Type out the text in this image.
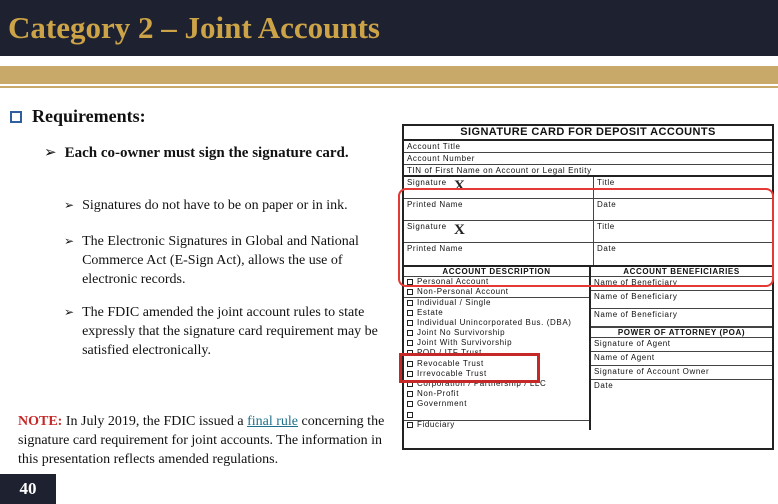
Category 2 – Joint Accounts
Requirements:
➢ Each co-owner must sign the signature card.
➢ Signatures do not have to be on paper or in ink.
➢ The Electronic Signatures in Global and National Commerce Act (E-Sign Act), allows the use of electronic records.
➢ The FDIC amended the joint account rules to state expressly that the signature card requirement may be satisfied electronically.
NOTE: In July 2019, the FDIC issued a final rule concerning the signature card requirement for joint accounts. The information in this presentation reflects amended regulations.
40
SIGNATURE CARD FOR DEPOSIT ACCOUNTS
Account Title
Account Number
TIN of First Name on Account or Legal Entity
Signature X	Title
Printed Name	Date
Signature X	Title
Printed Name	Date
ACCOUNT DESCRIPTION
Personal Account
Non-Personal Account
Individual / Single
Estate
Individual Unincorporated Bus. (DBA)
Joint No Survivorship
Joint With Survivorship
POD / ITF Trust
Revocable Trust
Irrevocable Trust
Corporation / Partnership / LLC
Non-Profit
Government
Fiduciary
ACCOUNT BENEFICIARIES
Name of Beneficiary
Name of Beneficiary
Name of Beneficiary
POWER OF ATTORNEY (POA)
Signature of Agent
Name of Agent
Signature of Account Owner
Date
